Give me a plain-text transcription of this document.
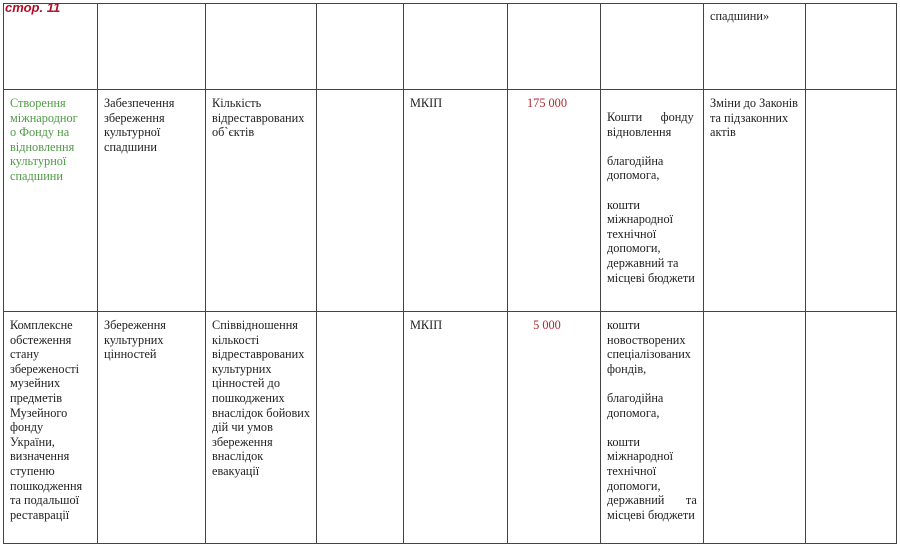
стор. 11
							спадшини»	
Створення міжнародног
о Фонду на відновлення культурної спадшини	Забезпечення збереження культурної спадшини	Кількість відреставрованих об`єктів		МКІП	175 000	Кошти      фонду відновлення

благодійна допомога,

кошти міжнародної технічної допомоги, державний та місцеві бюджети	Зміни до Законів та підзаконних актів	
Комплексне обстеження стану збереженості музейних предметів Музейного фонду України, визначення ступеню пошкодження та подальшої реставрації	Збереження культурних цінностей	Співвідношення кількості відреставрованих культурних цінностей до пошкоджених внаслідок бойових дій чи умов збереження внаслідок евакуації		МКІП	5 000	кошти новостворених спеціалізованих фондів,

благодійна допомога,

кошти міжнародної технічної допомоги, державний       та місцеві бюджети		
